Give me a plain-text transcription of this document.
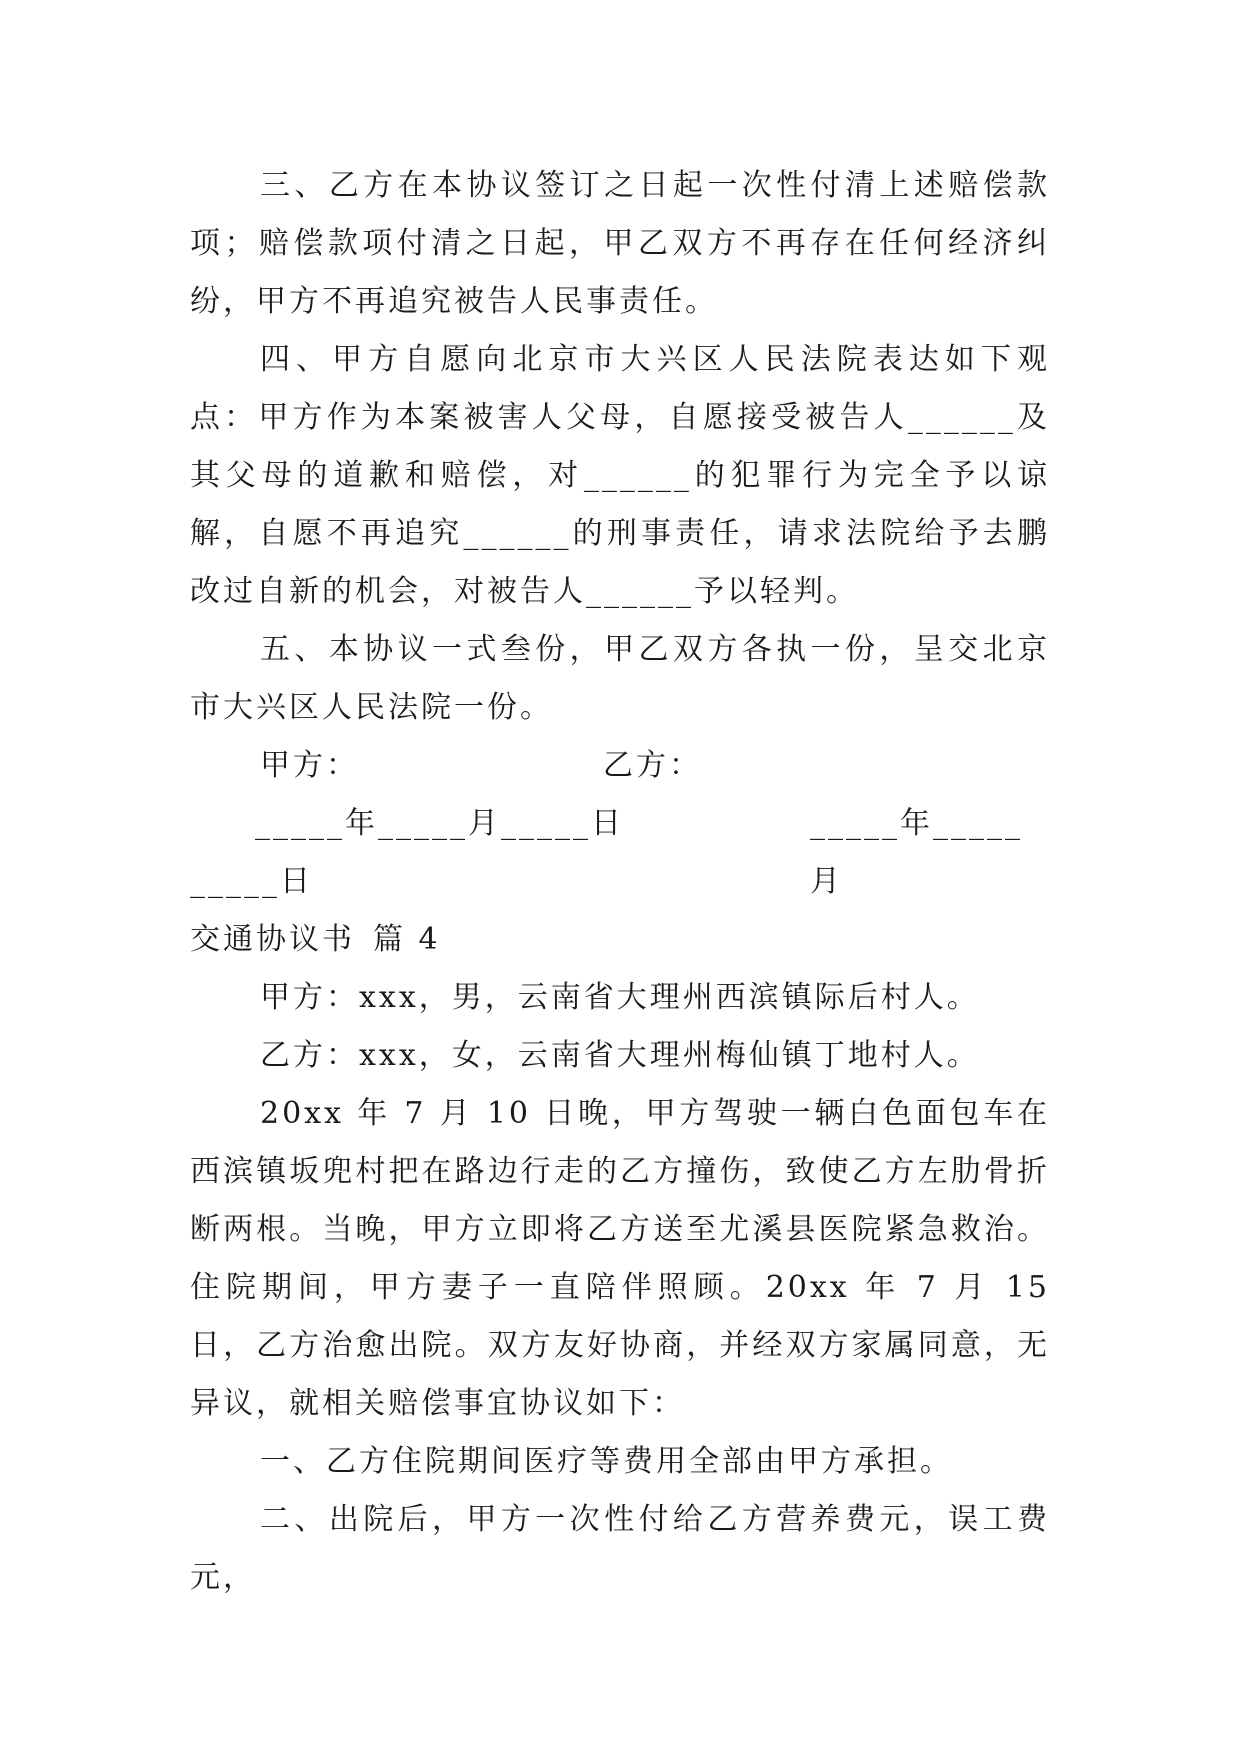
三、乙方在本协议签订之日起一次性付清上述赔偿款项；赔偿款项付清之日起，甲乙双方不再存在任何经济纠纷，甲方不再追究被告人民事责任。

四、甲方自愿向北京市大兴区人民法院表达如下观点：甲方作为本案被害人父母，自愿接受被告人______及其父母的道歉和赔偿，对______的犯罪行为完全予以谅解，自愿不再追究______的刑事责任，请求法院给予去鹏改过自新的机会，对被告人______予以轻判。

五、本协议一式叁份，甲乙双方各执一份，呈交北京市大兴区人民法院一份。

甲方：	乙方：
_____年_____月_____日	_____年_____月

_____日

交通协议书 篇 4

甲方：xxx，男，云南省大理州西滨镇际后村人。

乙方：xxx，女，云南省大理州梅仙镇丁地村人。

20xx 年 7 月 10 日晚，甲方驾驶一辆白色面包车在西滨镇坂兜村把在路边行走的乙方撞伤，致使乙方左肋骨折断两根。当晚，甲方立即将乙方送至尤溪县医院紧急救治。住院期间，甲方妻子一直陪伴照顾。20xx 年 7 月 15 日，乙方治愈出院。双方友好协商，并经双方家属同意，无异议，就相关赔偿事宜协议如下：

一、乙方住院期间医疗等费用全部由甲方承担。

二、出院后，甲方一次性付给乙方营养费元，误工费元，
